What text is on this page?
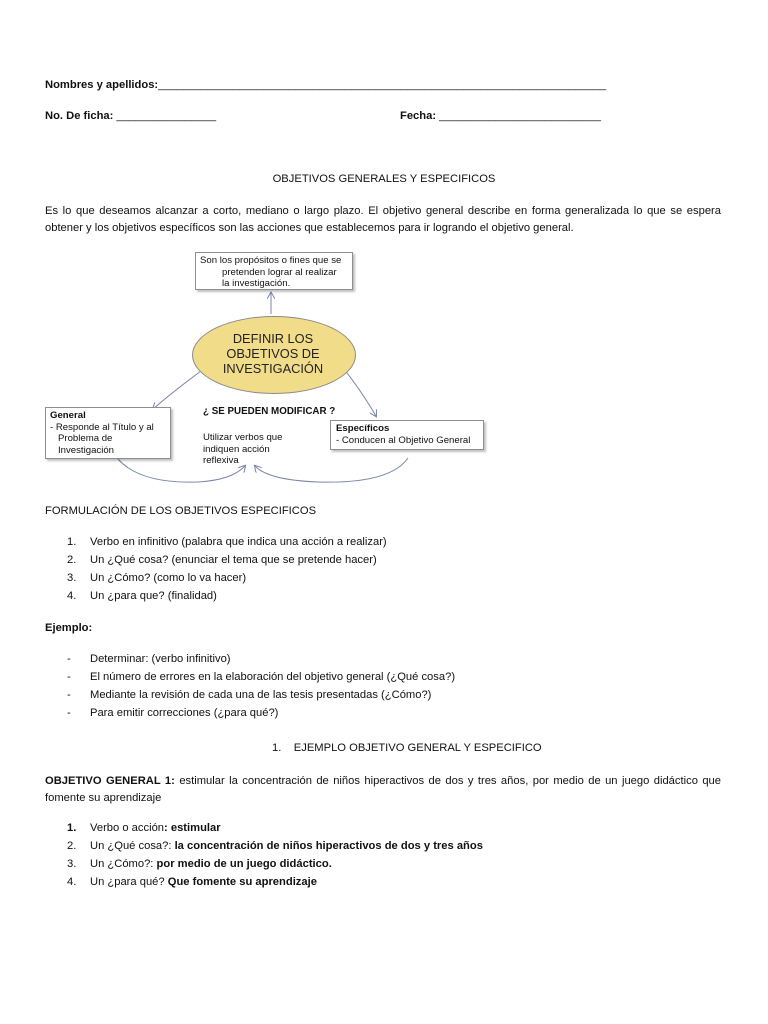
Nombres y apellidos:________________________________________________________________________
No. De ficha: ________________	Fecha: __________________________
OBJETIVOS GENERALES Y ESPECIFICOS
Es lo que deseamos alcanzar a corto, mediano o largo plazo. El objetivo general describe en forma generalizada lo que se espera
obtener y los objetivos específicos son las acciones que establecemos para ir logrando el objetivo general.
Son los propósitos o fines que se
pretenden lograr al realizar
la investigación.
DEFINIR LOS
OBJETIVOS DE
INVESTIGACIÓN
General
- Responde al Título y al
Problema de
Investigación
¿ SE PUEDEN MODIFICAR ?
Utilizar verbos que
indiquen acción
reflexiva
Específicos
- Conducen al Objetivo General
FORMULACIÓN DE LOS OBJETIVOS ESPECIFICOS
1. Verbo en infinitivo (palabra que indica una acción a realizar)
2. Un ¿Qué cosa? (enunciar el tema que se pretende hacer)
3. Un ¿Cómo? (como lo va hacer)
4. Un ¿para que? (finalidad)
Ejemplo:
- Determinar: (verbo infinitivo)
- El número de errores en la elaboración del objetivo general (¿Qué cosa?)
- Mediante la revisión de cada una de las tesis presentadas (¿Cómo?)
- Para emitir correcciones (¿para qué?)
1. EJEMPLO OBJETIVO GENERAL Y ESPECIFICO
OBJETIVO GENERAL 1: estimular la concentración de niños hiperactivos de dos y tres años, por medio de un juego didáctico que
fomente su aprendizaje
1. Verbo o acción: estimular
2. Un ¿Qué cosa?: la concentración de niños hiperactivos de dos y tres años
3. Un ¿Cómo?: por medio de un juego didáctico.
4. Un ¿para qué? Que fomente su aprendizaje
